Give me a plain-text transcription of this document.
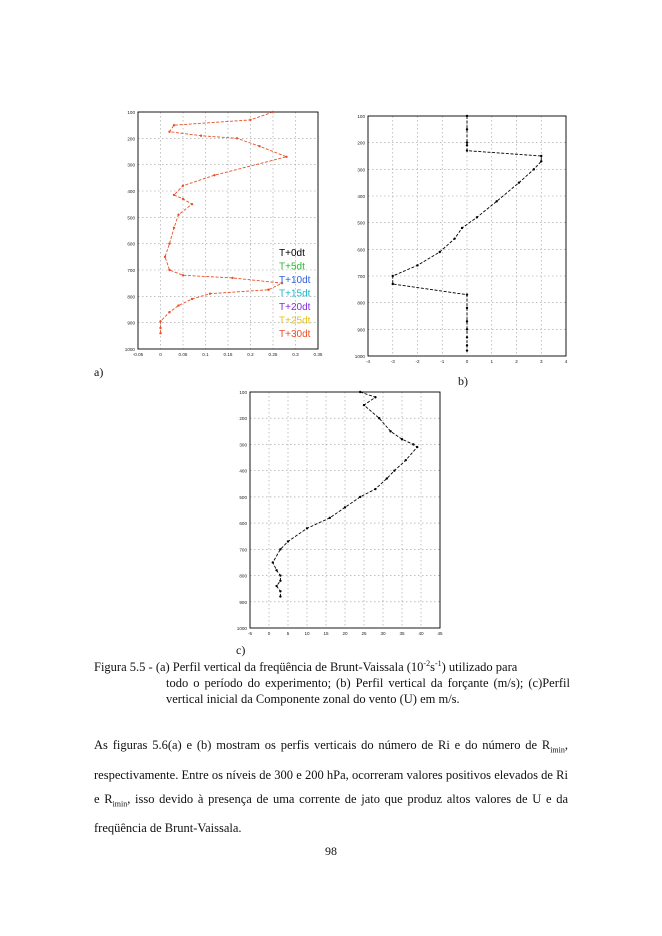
100
200
300
400
500
600
700
800
900
1000
-0.05	0	0.05	0.1	0.15	0.2	0.25	0.3	0.35
T+0dt
T+5dt
T+10dt
T+15dt
T+20dt
T+25dt
T+30dt
a)
100
200
300
400
500
600
700
800
900
1000
-4	-3	-2	-1	0	1	2	3	4
b)
100
200
300
400
500
600
700
800
900
1000
-5	0	5	10	15	20	25	30	35	40	45
c)
Figura 5.5 - (a) Perfil vertical da freqüência de Brunt-Vaissala $(10^{-2}s^{-1})$ utilizado para
todo o período do experimento; (b) Perfil vertical da forçante (m/s); (c)Perfil vertical inicial da Componente zonal do vento (U) em m/s.
As figuras 5.6(a) e (b) mostram os perfis verticais do número de Ri e do número de $R_{imin}$, respectivamente. Entre os níveis de 300 e 200 hPa, ocorreram valores positivos elevados de Ri e $R_{imin}$, isso devido à presença de uma corrente de jato que produz altos valores de U e da freqüência de Brunt-Vaissala.
98
